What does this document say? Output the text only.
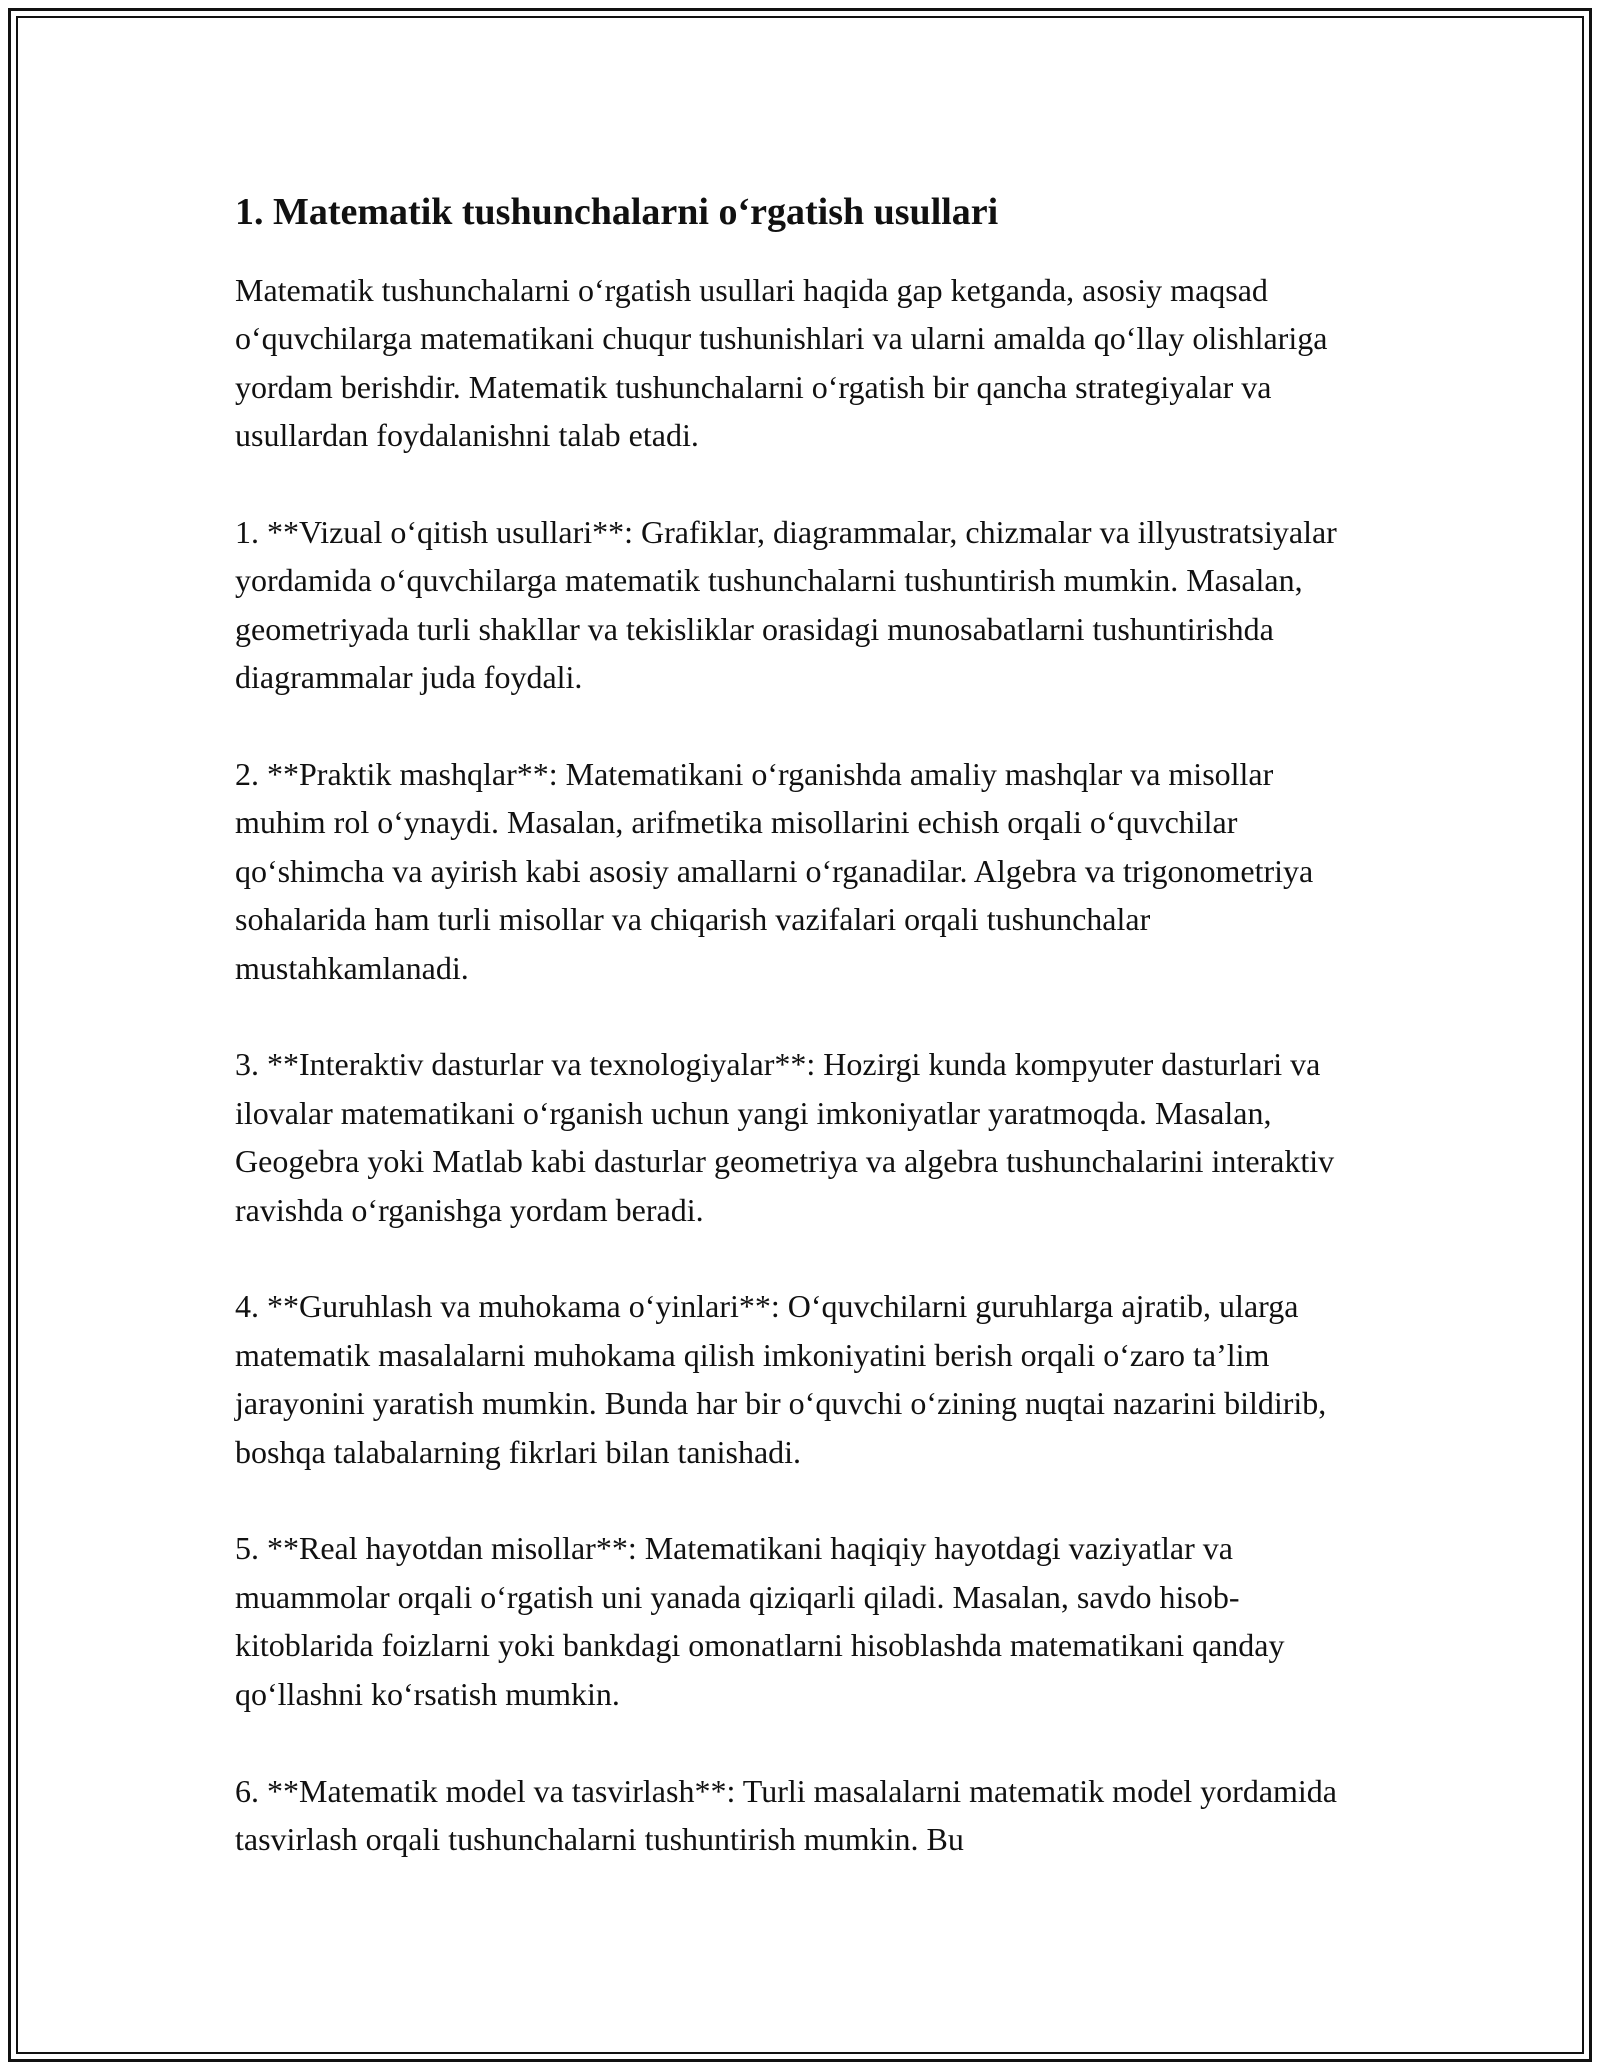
1. Matematik tushunchalarni o‘rgatish usullari

Matematik tushunchalarni o‘rgatish usullari haqida gap ketganda, asosiy maqsad o‘quvchilarga matematikani chuqur tushunishlari va ularni amalda qo‘llay olishlariga yordam berishdir. Matematik tushunchalarni o‘rgatish bir qancha strategiyalar va usullardan foydalanishni talab etadi.

1. **Vizual o‘qitish usullari**: Grafiklar, diagrammalar, chizmalar va illyustratsiyalar yordamida o‘quvchilarga matematik tushunchalarni tushuntirish mumkin. Masalan, geometriyada turli shakllar va tekisliklar orasidagi munosabatlarni tushuntirishda diagrammalar juda foydali.

2. **Praktik mashqlar**: Matematikani o‘rganishda amaliy mashqlar va misollar muhim rol o‘ynaydi. Masalan, arifmetika misollarini echish orqali o‘quvchilar qo‘shimcha va ayirish kabi asosiy amallarni o‘rganadilar. Algebra va trigonometriya sohalarida ham turli misollar va chiqarish vazifalari orqali tushunchalar mustahkamlanadi.

3. **Interaktiv dasturlar va texnologiyalar**: Hozirgi kunda kompyuter dasturlari va ilovalar matematikani o‘rganish uchun yangi imkoniyatlar yaratmoqda. Masalan, Geogebra yoki Matlab kabi dasturlar geometriya va algebra tushunchalarini interaktiv ravishda o‘rganishga yordam beradi.

4. **Guruhlash va muhokama o‘yinlari**: O‘quvchilarni guruhlarga ajratib, ularga matematik masalalarni muhokama qilish imkoniyatini berish orqali o‘zaro ta’lim jarayonini yaratish mumkin. Bunda har bir o‘quvchi o‘zining nuqtai nazarini bildirib, boshqa talabalarning fikrlari bilan tanishadi.

5. **Real hayotdan misollar**: Matematikani haqiqiy hayotdagi vaziyatlar va muammolar orqali o‘rgatish uni yanada qiziqarli qiladi. Masalan, savdo hisob-kitoblarida foizlarni yoki bankdagi omonatlarni hisoblashda matematikani qanday qo‘llashni ko‘rsatish mumkin.

6. **Matematik model va tasvirlash**: Turli masalalarni matematik model yordamida tasvirlash orqali tushunchalarni tushuntirish mumkin. Bu
